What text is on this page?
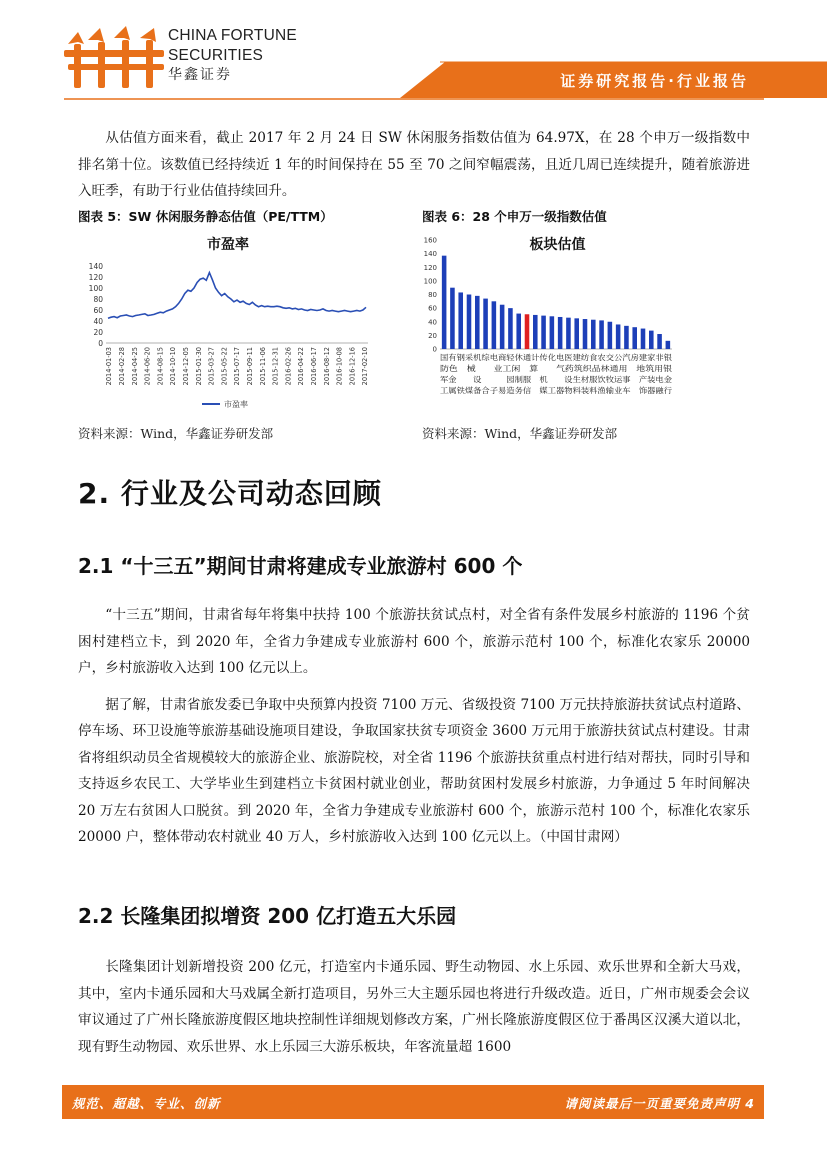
CHINA FORTUNE
SECURITIES
华鑫证券	证券研究报告·行业报告

从估值方面来看，截止 2017 年 2 月 24 日 SW 休闲服务指数估值为 64.97X，在 28 个申万一级指数中排名第十位。该数值已经持续近 1 年的时间保持在 55 至 70 之间窄幅震荡，且近几周已连续提升，随着旅游进入旺季，有助于行业估值持续回升。

图表 5：SW 休闲服务静态估值（PE/TTM）	图表 6：28 个申万一级指数估值
市盈率
0
20
40
60
80
100
120
140
2014-01-03 2014-02-28 2014-04-25 2014-06-20 2014-08-15 2014-10-10 2014-12-05 2015-01-30 2015-03-27 2015-05-22 2015-07-17 2015-09-11 2015-11-06 2015-12-31 2016-02-26 2016-04-22 2016-06-17 2016-08-12 2016-10-08 2016-12-16 2017-02-10
市盈率
板块估值
0
20
40
60
80
100
120
140
160
国有钢采机综电商轻休通计传化电医建纺食农交公汽房建家非银
防色　械　　业工闲　算　　气药筑织品林通用　地筑用银
军金　　设　　　园制服　机　　设生材服饮牧运事　产装电金
工属铁煤备合子易造务信　媒工器物料装料渔输业车　饰器融行
资料来源：Wind，华鑫证券研发部	资料来源：Wind，华鑫证券研发部
2. 行业及公司动态回顾
2.1 “十三五”期间甘肃将建成专业旅游村 600 个

“十三五”期间，甘肃省每年将集中扶持 100 个旅游扶贫试点村，对全省有条件发展乡村旅游的 1196 个贫困村建档立卡，到 2020 年，全省力争建成专业旅游村 600 个，旅游示范村 100 个，标准化农家乐 20000 户，乡村旅游收入达到 100 亿元以上。

据了解，甘肃省旅发委已争取中央预算内投资 7100 万元、省级投资 7100 万元扶持旅游扶贫试点村道路、停车场、环卫设施等旅游基础设施项目建设，争取国家扶贫专项资金 3600 万元用于旅游扶贫试点村建设。甘肃省将组织动员全省规模较大的旅游企业、旅游院校，对全省 1196 个旅游扶贫重点村进行结对帮扶，同时引导和支持返乡农民工、大学毕业生到建档立卡贫困村就业创业，帮助贫困村发展乡村旅游，力争通过 5 年时间解决 20 万左右贫困人口脱贫。到 2020 年，全省力争建成专业旅游村 600 个，旅游示范村 100 个，标准化农家乐 20000 户，整体带动农村就业 40 万人，乡村旅游收入达到 100 亿元以上。（中国甘肃网）

2.2 长隆集团拟增资 200 亿打造五大乐园

长隆集团计划新增投资 200 亿元，打造室内卡通乐园、野生动物园、水上乐园、欢乐世界和全新大马戏，其中，室内卡通乐园和大马戏属全新打造项目，另外三大主题乐园也将进行升级改造。近日，广州市规委会会议审议通过了广州长隆旅游度假区地块控制性详细规划修改方案，广州长隆旅游度假区位于番禺区汉溪大道以北，现有野生动物园、欢乐世界、水上乐园三大游乐板块，年客流量超 1600

规范、超越、专业、创新	请阅读最后一页重要免责声明 4
